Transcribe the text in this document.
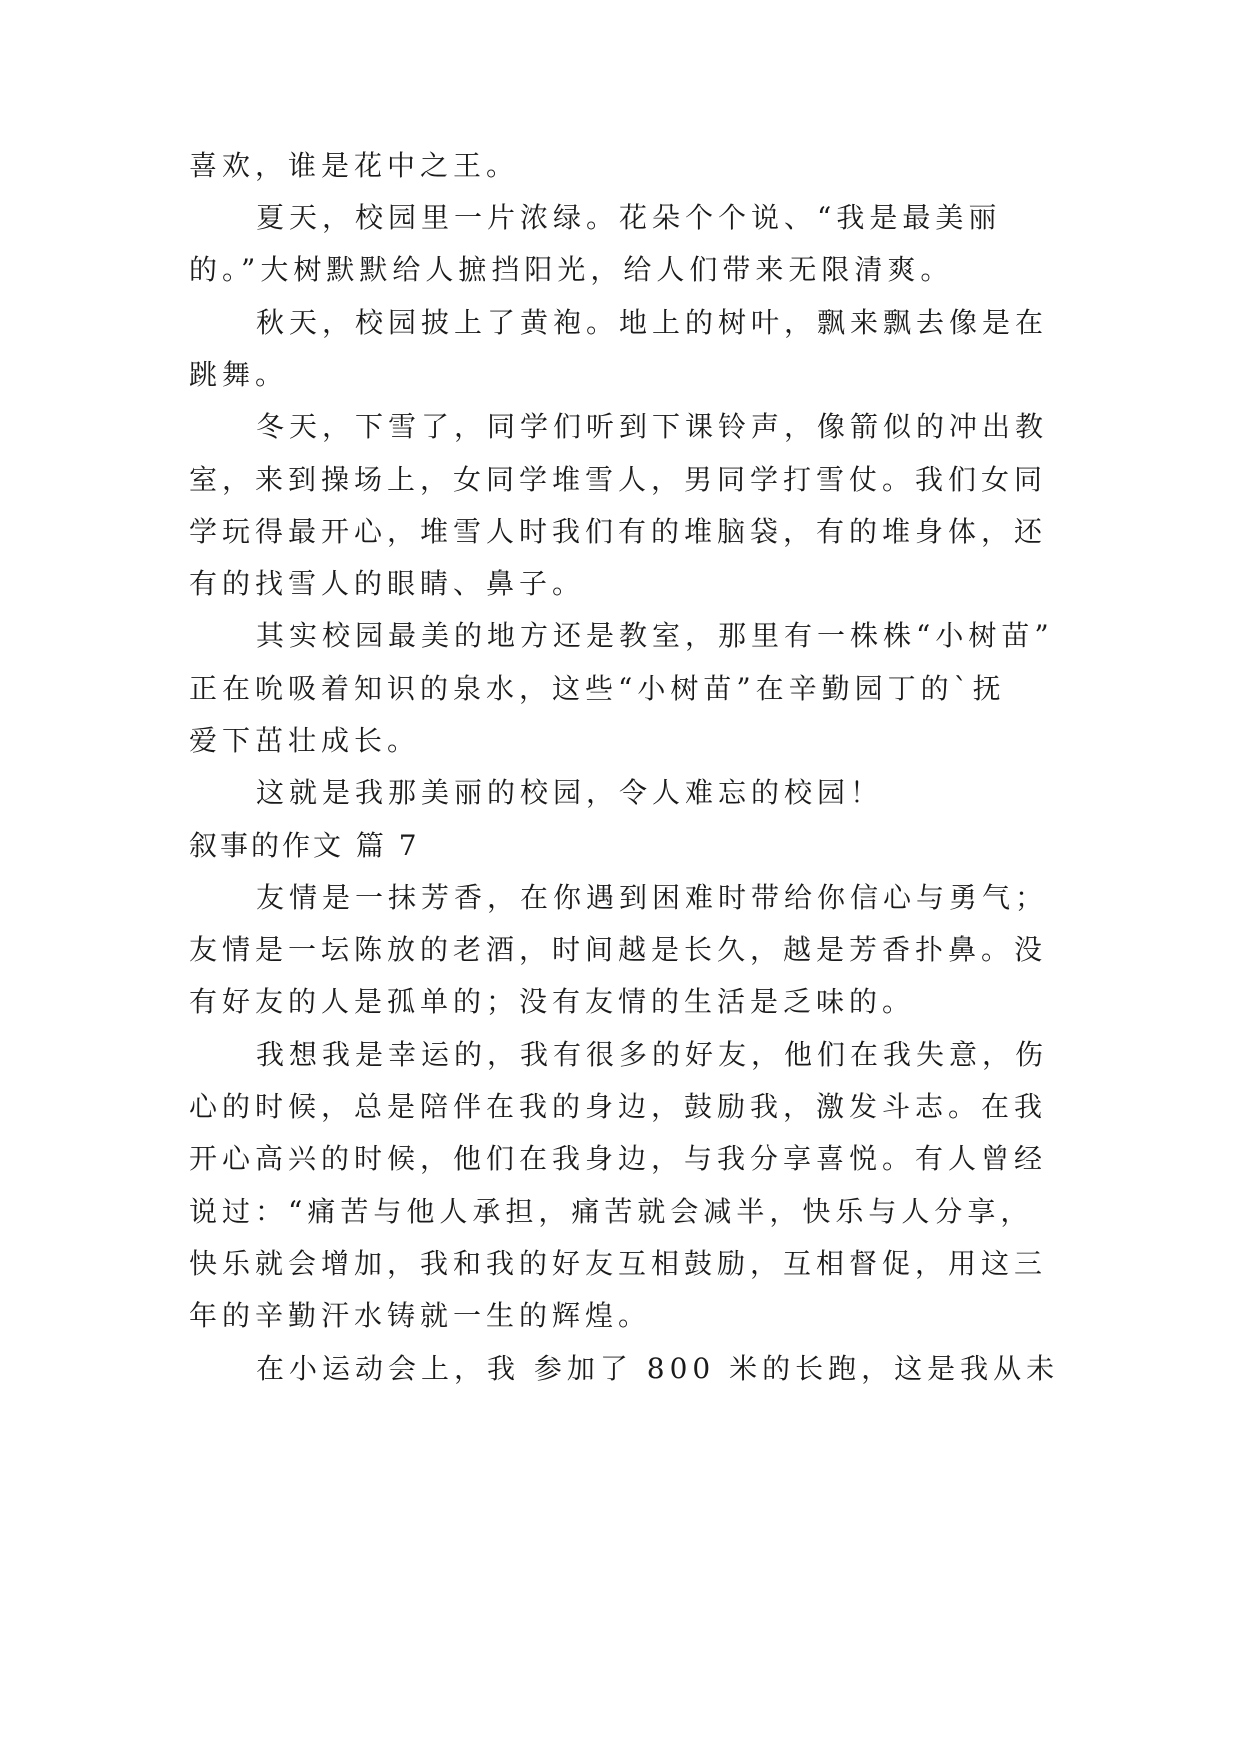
喜欢，谁是花中之王。
夏天，校园里一片浓绿。花朵个个说、“我是最美丽
的。”大树默默给人摭挡阳光，给人们带来无限清爽。
秋天，校园披上了黄袍。地上的树叶，飘来飘去像是在
跳舞。
冬天，下雪了，同学们听到下课铃声，像箭似的冲出教
室，来到操场上，女同学堆雪人，男同学打雪仗。我们女同
学玩得最开心，堆雪人时我们有的堆脑袋，有的堆身体，还
有的找雪人的眼睛、鼻子。
其实校园最美的地方还是教室，那里有一株株“小树苗”
正在吮吸着知识的泉水，这些“小树苗”在辛勤园丁的`抚
爱下茁壮成长。
这就是我那美丽的校园，令人难忘的校园！
叙事的作文 篇 7
友情是一抹芳香，在你遇到困难时带给你信心与勇气；
友情是一坛陈放的老酒，时间越是长久，越是芳香扑鼻。没
有好友的人是孤单的；没有友情的生活是乏味的。
我想我是幸运的，我有很多的好友，他们在我失意，伤
心的时候，总是陪伴在我的身边，鼓励我，激发斗志。在我
开心高兴的时候，他们在我身边，与我分享喜悦。有人曾经
说过：“痛苦与他人承担，痛苦就会减半，快乐与人分享，
快乐就会增加，我和我的好友互相鼓励，互相督促，用这三
年的辛勤汗水铸就一生的辉煌。
在小运动会上，我 参加了 800 米的长跑，这是我从未
